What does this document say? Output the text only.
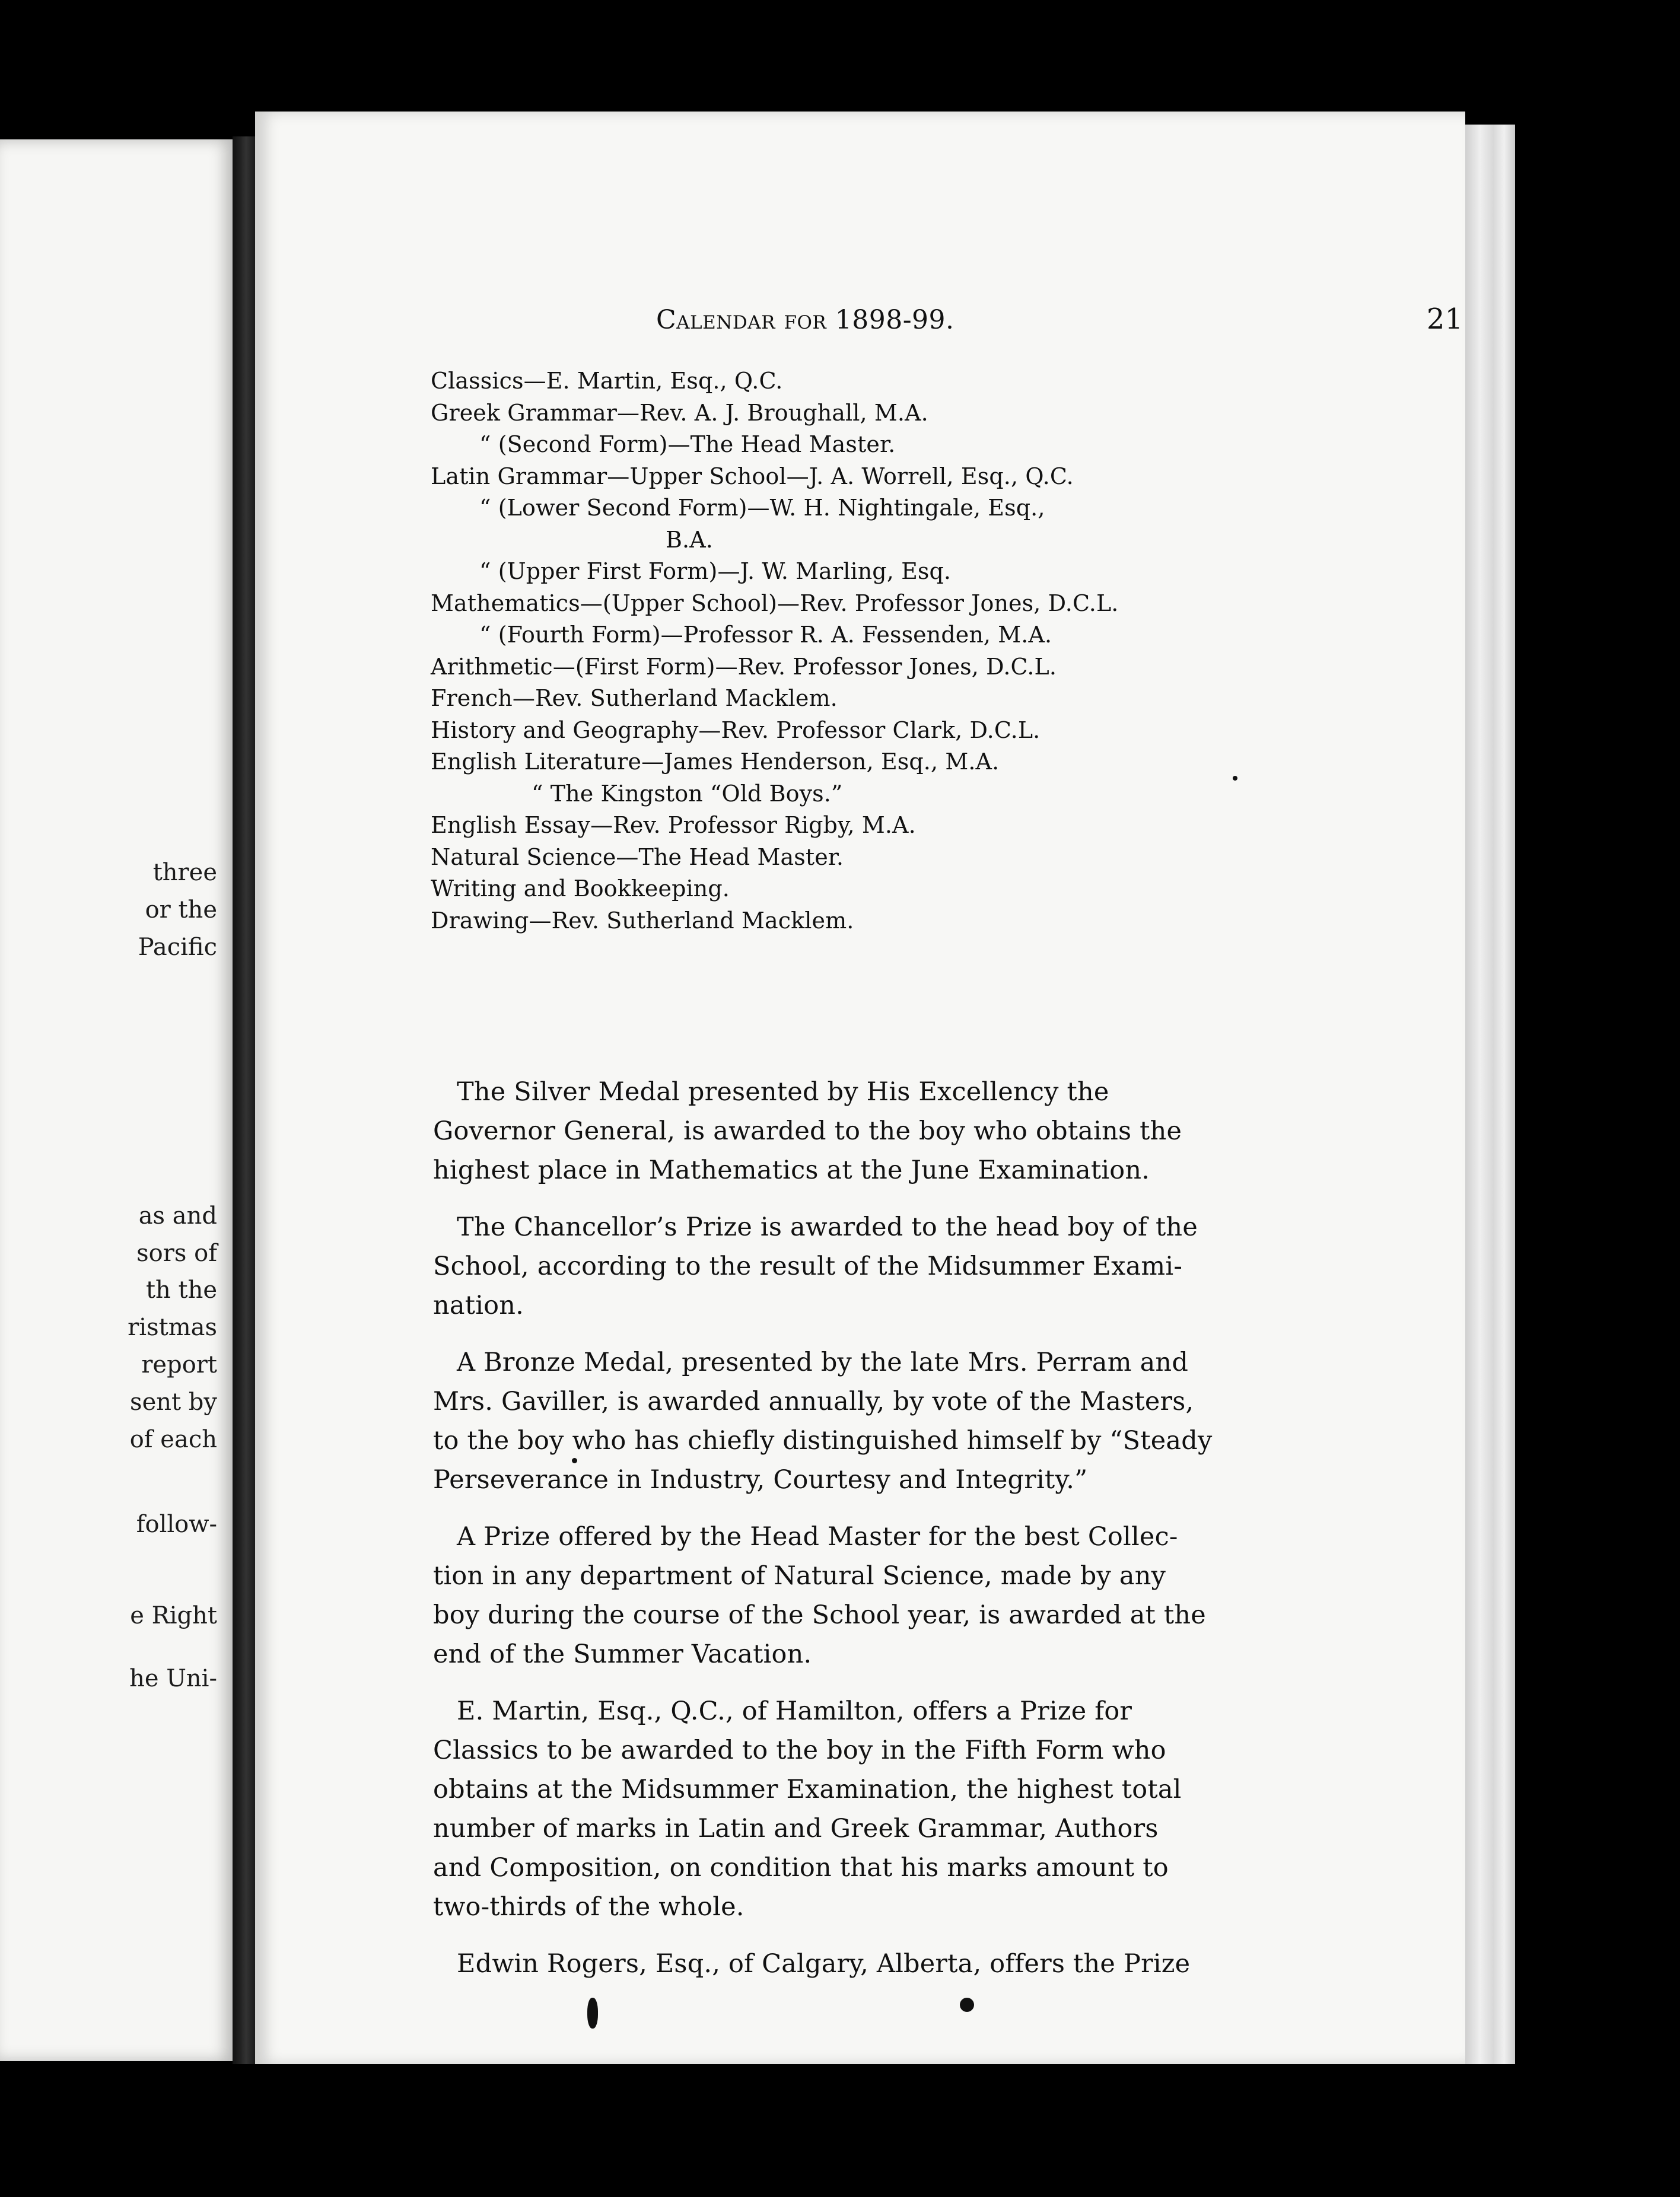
three
or the
Pacific
as and
sors of
th the
ristmas
report
sent by
of each
follow-
e Right
he Uni-
Calendar for 1898-99.	21
Classics—E. Martin, Esq., Q.C.
Greek Grammar—Rev. A. J. Broughall, M.A.
“ (Second Form)—The Head Master.
Latin Grammar—Upper School—J. A. Worrell, Esq., Q.C.
“ (Lower Second Form)—W. H. Nightingale, Esq.,
B.A.
“ (Upper First Form)—J. W. Marling, Esq.
Mathematics—(Upper School)—Rev. Professor Jones, D.C.L.
“ (Fourth Form)—Professor R. A. Fessenden, M.A.
Arithmetic—(First Form)—Rev. Professor Jones, D.C.L.
French—Rev. Sutherland Macklem.
History and Geography—Rev. Professor Clark, D.C.L.
English Literature—James Henderson, Esq., M.A.
“ The Kingston “Old Boys.”
English Essay—Rev. Professor Rigby, M.A.
Natural Science—The Head Master.
Writing and Bookkeeping.
Drawing—Rev. Sutherland Macklem.
The Silver Medal presented by His Excellency the
Governor General, is awarded to the boy who obtains the
highest place in Mathematics at the June Examination.
The Chancellor’s Prize is awarded to the head boy of the
School, according to the result of the Midsummer Exami-
nation.
A Bronze Medal, presented by the late Mrs. Perram and
Mrs. Gaviller, is awarded annually, by vote of the Masters,
to the boy who has chiefly distinguished himself by “Steady
Perseverance in Industry, Courtesy and Integrity.”
A Prize offered by the Head Master for the best Collec-
tion in any department of Natural Science, made by any
boy during the course of the School year, is awarded at the
end of the Summer Vacation.
E. Martin, Esq., Q.C., of Hamilton, offers a Prize for
Classics to be awarded to the boy in the Fifth Form who
obtains at the Midsummer Examination, the highest total
number of marks in Latin and Greek Grammar, Authors
and Composition, on condition that his marks amount to
two-thirds of the whole.
Edwin Rogers, Esq., of Calgary, Alberta, offers the Prize
